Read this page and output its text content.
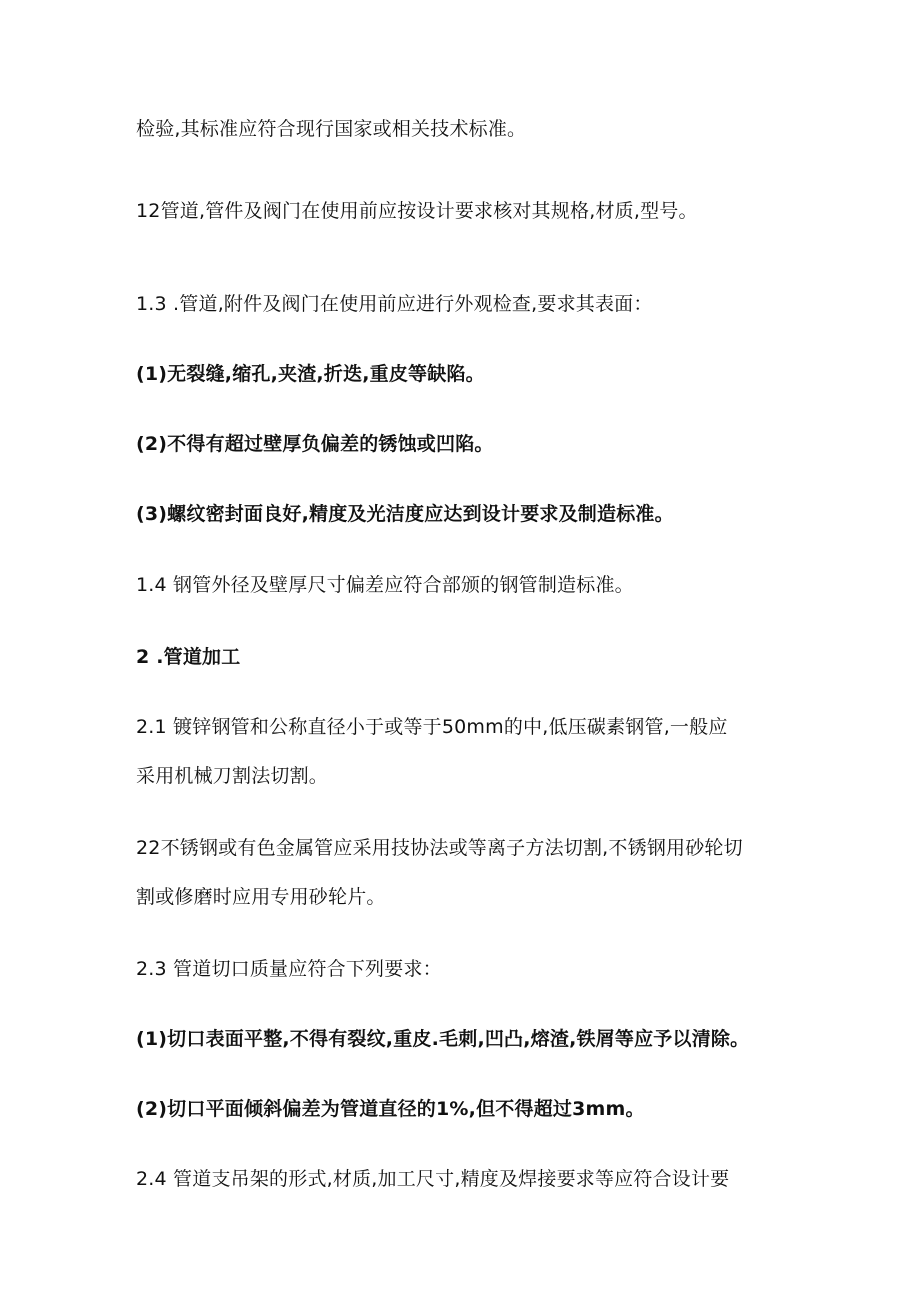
检验,其标准应符合现行国家或相关技术标准。
12管道,管件及阀门在使用前应按设计要求核对其规格,材质,型号。
1.3 .管道,附件及阀门在使用前应进行外观检查,要求其表面：
(1)无裂缝,缩孔,夹渣,折迭,重皮等缺陷。
(2)不得有超过壁厚负偏差的锈蚀或凹陷。
(3)螺纹密封面良好,精度及光洁度应达到设计要求及制造标准。
1.4 钢管外径及壁厚尺寸偏差应符合部颁的钢管制造标准。
2 .管道加工
2.1 镀锌钢管和公称直径小于或等于50mm的中,低压碳素钢管,一般应
采用机械刀割法切割。
22不锈钢或有色金属管应采用技协法或等离子方法切割,不锈钢用砂轮切
割或修磨时应用专用砂轮片。
2.3 管道切口质量应符合下列要求：
(1)切口表面平整,不得有裂纹,重皮.毛刺,凹凸,熔渣,铁屑等应予以清除。
(2)切口平面倾斜偏差为管道直径的1%,但不得超过3mm。
2.4 管道支吊架的形式,材质,加工尺寸,精度及焊接要求等应符合设计要
